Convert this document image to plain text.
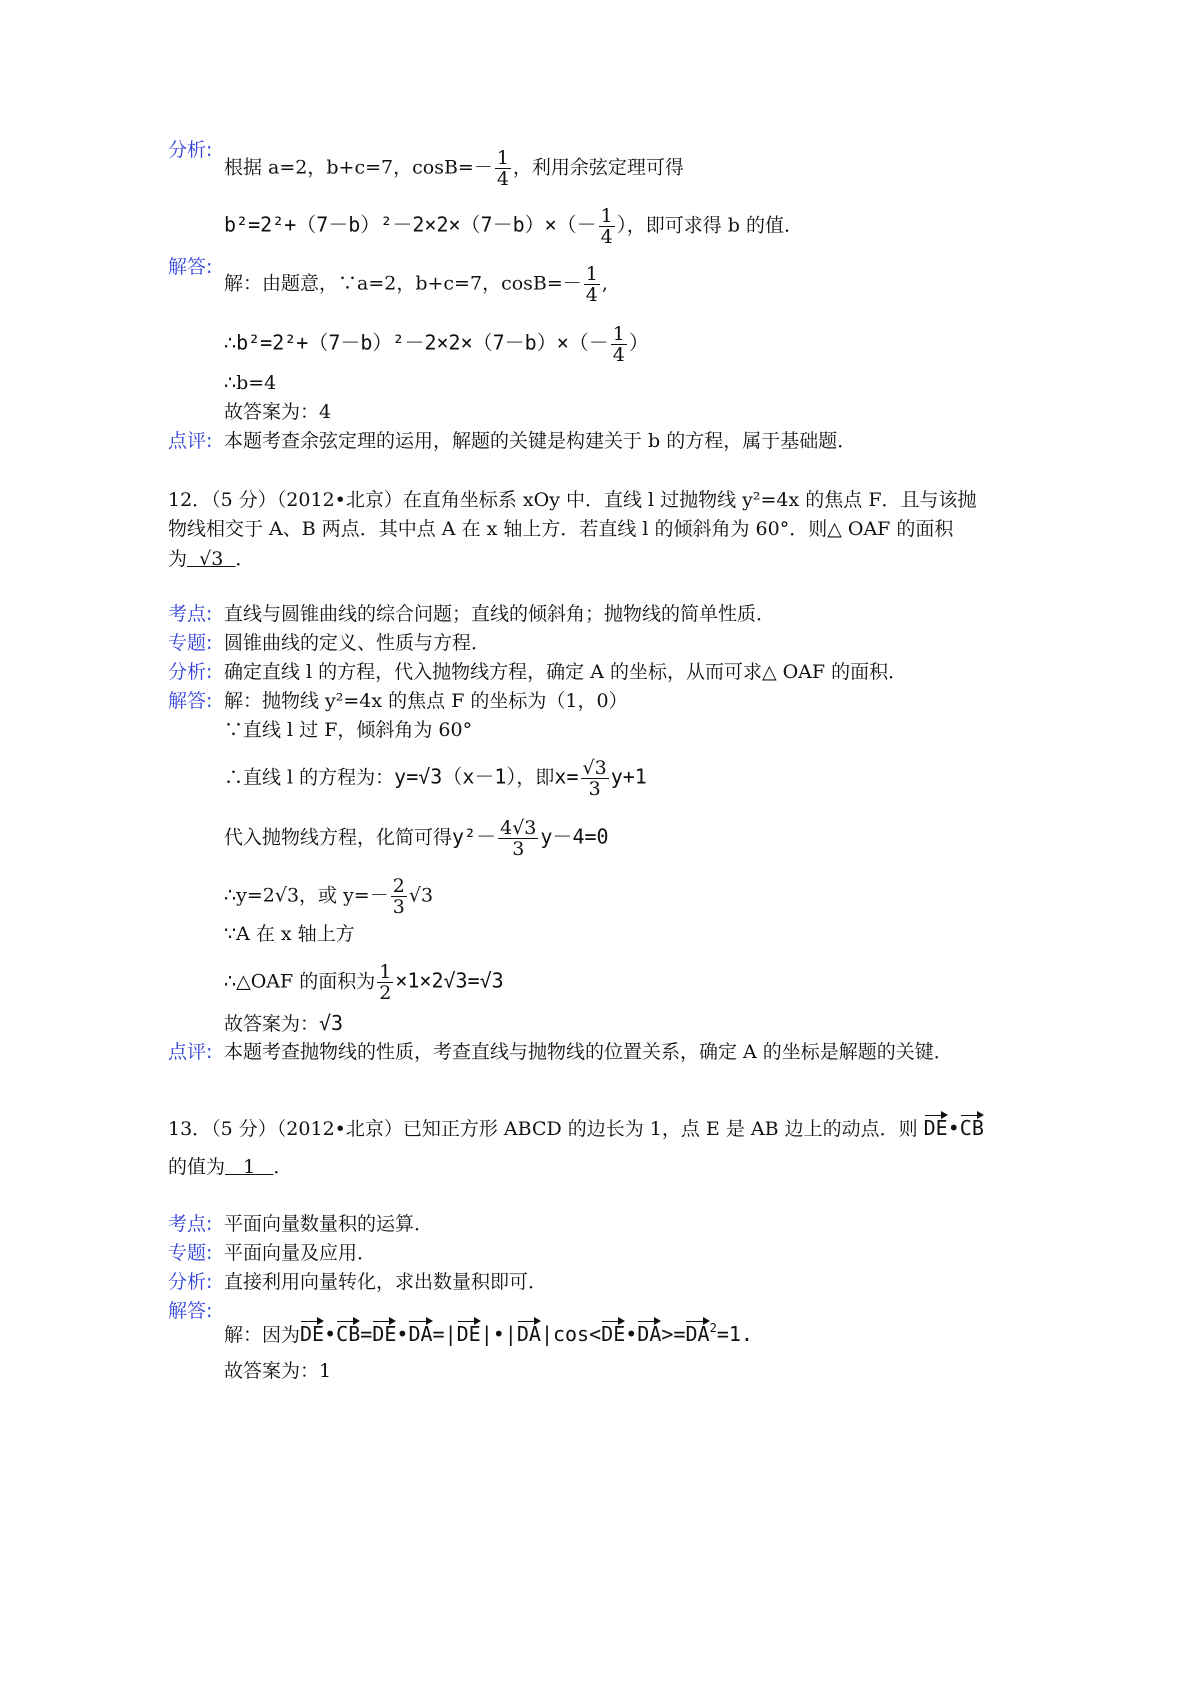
分析:
根据 a=2，b+c=7，$\cos B=- \frac{1}{4}$ ，利用余弦定理可得
$b^2=2^2+(7-b)^2-2\times 2\times(7-b)\times(- \frac{1}{4}$ ），即可求得 b 的值．
解答:
解：由题意，∵a=2，b+c=7，$\cos B=- \frac{1}{4}$ ,
∴b²=2²+（7－b）²－2×2×（7－b）×（－ $\frac{1}{4}$ ）
∴b=4
故答案为：4
点评: 本题考查余弦定理的运用，解题的关键是构建关于 b 的方程，属于基础题．
12．（5 分）（2012•北京）在直角坐标系 xOy 中．直线 l 过抛物线 y²=4x 的焦点 F．且与该抛
物线相交于 A、B 两点．其中点 A 在 x 轴上方．若直线 l 的倾斜角为 60°．则△ OAF 的面积
为 √3 ．
考点: 直线与圆锥曲线的综合问题；直线的倾斜角；抛物线的简单性质．
专题: 圆锥曲线的定义、性质与方程．
分析: 确定直线 l 的方程，代入抛物线方程，确定 A 的坐标，从而可求△ OAF 的面积．
解答: 解：抛物线 y²=4x 的焦点 F 的坐标为（1，0）
∵直线 l 过 F，倾斜角为 60°
∴直线 l 的方程为：y=√3（x－1），即$x= \frac{√3}{3} y+1$
代入抛物线方程，化简可得$y^2- \frac{4√3}{3} y-4=0$
∴y=2√3，或 $y=- \frac{2}{3} √3$
∵A 在 x 轴上方
∴△OAF 的面积为 $\frac{1}{2} \times 1\times 2√3=√3$
故答案为：√3
点评: 本题考查抛物线的性质，考查直线与抛物线的位置关系，确定 A 的坐标是解题的关键．
13．（5 分）（2012•北京）已知正方形 ABCD 的边长为 1，点 E 是 AB 边上的动点．则 DE•CB
的值为 1 ．
考点: 平面向量数量积的运算．
专题: 平面向量及应用．
分析: 直接利用向量转化，求出数量积即可．
解答:
解：因为$DE•CB=DE•DA=|DE|•|DA|\cos<DE•DA>=DA^2=1$.
故答案为：1
